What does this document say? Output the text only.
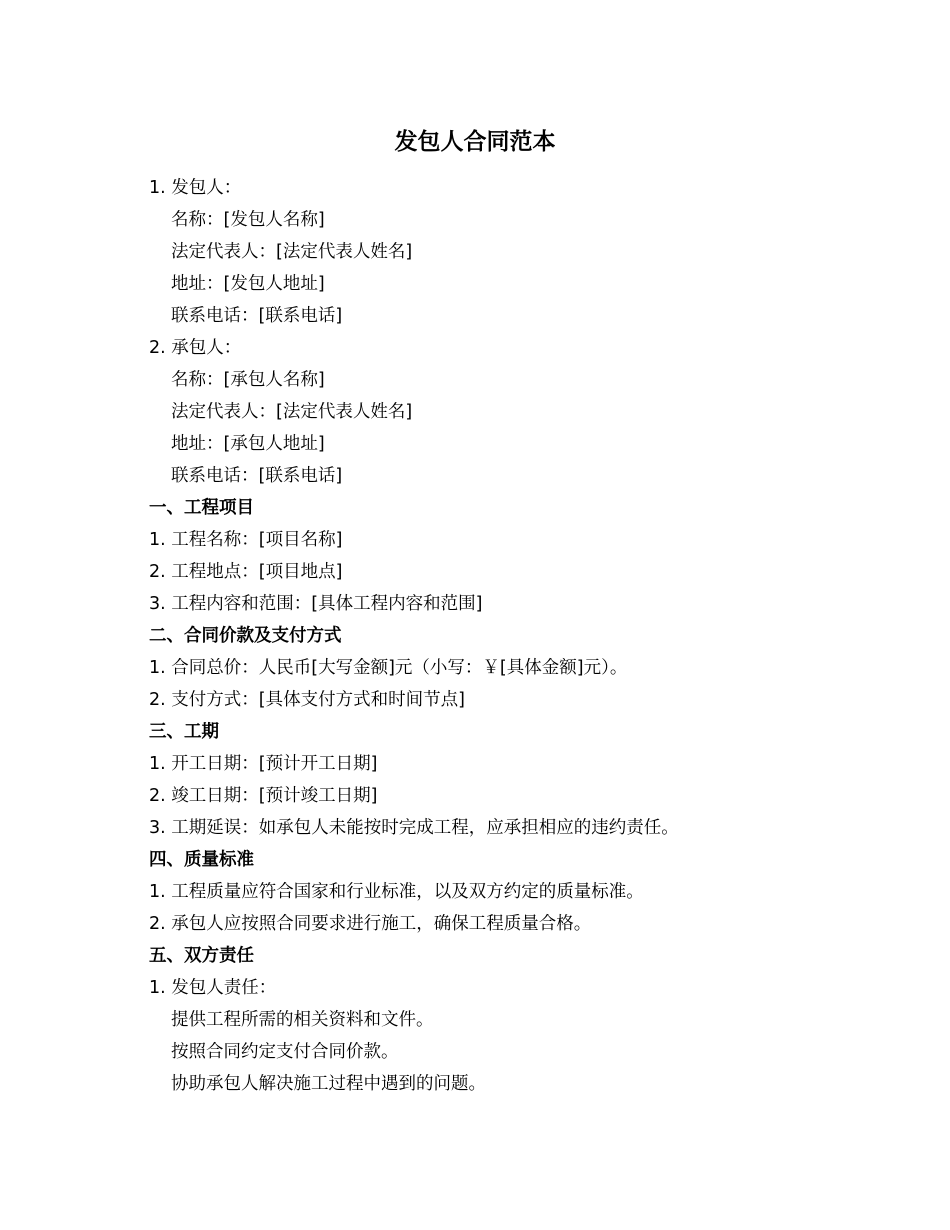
发包人合同范本
1. 发包人：
名称：[发包人名称]
法定代表人：[法定代表人姓名]
地址：[发包人地址]
联系电话：[联系电话]
2. 承包人：
名称：[承包人名称]
法定代表人：[法定代表人姓名]
地址：[承包人地址]
联系电话：[联系电话]
一、工程项目
1. 工程名称：[项目名称]
2. 工程地点：[项目地点]
3. 工程内容和范围：[具体工程内容和范围]
二、合同价款及支付方式
1. 合同总价：人民币[大写金额]元（小写：￥[具体金额]元）。
2. 支付方式：[具体支付方式和时间节点]
三、工期
1. 开工日期：[预计开工日期]
2. 竣工日期：[预计竣工日期]
3. 工期延误：如承包人未能按时完成工程，应承担相应的违约责任。
四、质量标准
1. 工程质量应符合国家和行业标准，以及双方约定的质量标准。
2. 承包人应按照合同要求进行施工，确保工程质量合格。
五、双方责任
1. 发包人责任：
提供工程所需的相关资料和文件。
按照合同约定支付合同价款。
协助承包人解决施工过程中遇到的问题。
